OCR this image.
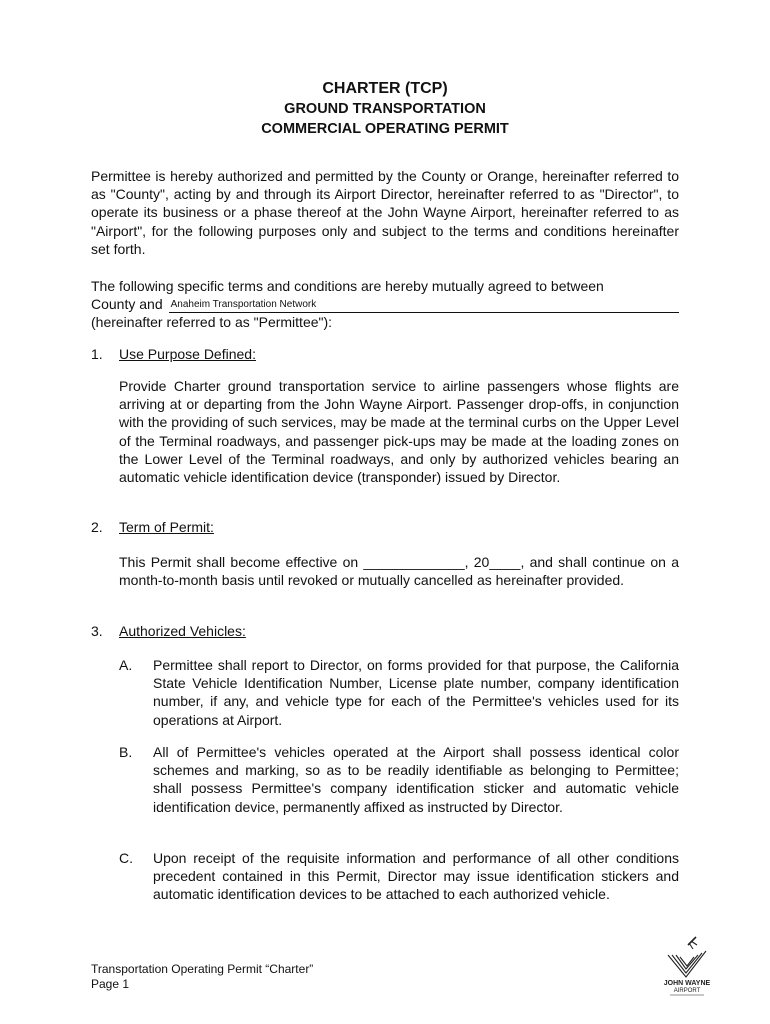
CHARTER (TCP)
GROUND TRANSPORTATION
COMMERCIAL OPERATING PERMIT
Permittee is hereby authorized and permitted by the County or Orange, hereinafter referred to as "County", acting by and through its Airport Director, hereinafter referred to as "Director", to operate its business or a phase thereof at the John Wayne Airport, hereinafter referred to as "Airport", for the following purposes only and subject to the terms and conditions hereinafter set forth.
The following specific terms and conditions are hereby mutually agreed to between
County and Anaheim Transportation Network
(hereinafter referred to as "Permittee"):
1. Use Purpose Defined:
Provide Charter ground transportation service to airline passengers whose flights are arriving at or departing from the John Wayne Airport. Passenger drop-offs, in conjunction with the providing of such services, may be made at the terminal curbs on the Upper Level of the Terminal roadways, and passenger pick-ups may be made at the loading zones on the Lower Level of the Terminal roadways, and only by authorized vehicles bearing an automatic vehicle identification device (transponder) issued by Director.
2. Term of Permit:
This Permit shall become effective on _____________, 20____, and shall continue on a month-to-month basis until revoked or mutually cancelled as hereinafter provided.
3. Authorized Vehicles:
A. Permittee shall report to Director, on forms provided for that purpose, the California State Vehicle Identification Number, License plate number, company identification number, if any, and vehicle type for each of the Permittee's vehicles used for its operations at Airport.
B. All of Permittee's vehicles operated at the Airport shall possess identical color schemes and marking, so as to be readily identifiable as belonging to Permittee; shall possess Permittee's company identification sticker and automatic vehicle identification device, permanently affixed as instructed by Director.
C. Upon receipt of the requisite information and performance of all other conditions precedent contained in this Permit, Director may issue identification stickers and automatic identification devices to be attached to each authorized vehicle.
Transportation Operating Permit “Charter”
Page 1	JOHN WAYNE
AIRPORT
